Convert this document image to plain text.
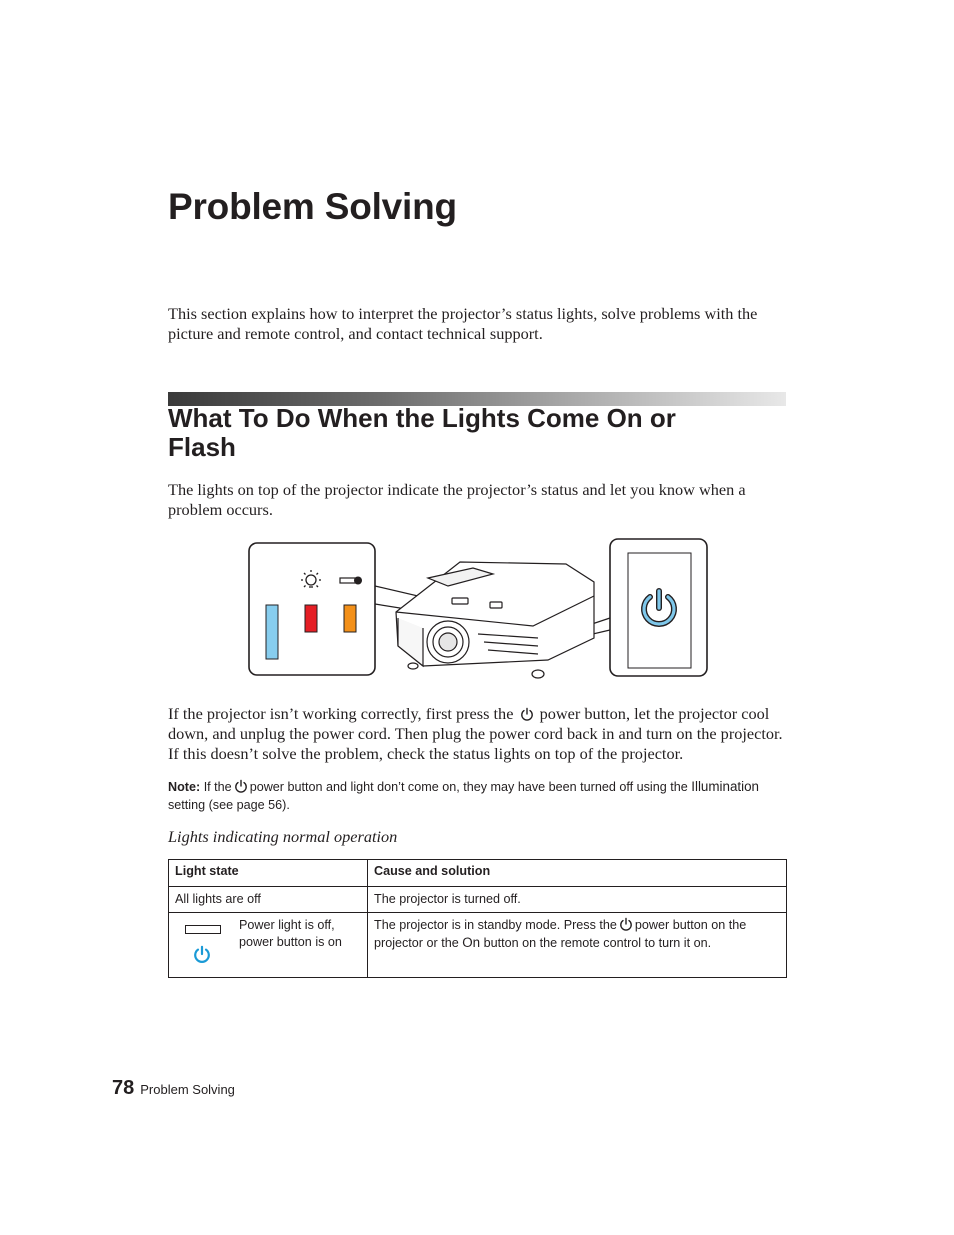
Problem Solving

This section explains how to interpret the projector’s status lights, solve problems with the picture and remote control, and contact technical support.

What To Do When the Lights Come On or Flash

The lights on top of the projector indicate the projector’s status and let you know when a problem occurs.

If the projector isn’t working correctly, first press the power button, let the projector cool down, and unplug the power cord. Then plug the power cord back in and turn on the projector. If this doesn’t solve the problem, check the status lights on top of the projector.

Note: If the power button and light don’t come on, they may have been turned off using the Illumination setting (see page 56).

Lights indicating normal operation

Light state	Cause and solution
All lights are off	The projector is turned off.

Power light is off, power button is on	The projector is in standby mode. Press the power button on the projector or the On button on the remote control to turn it on.
78 Problem Solving
